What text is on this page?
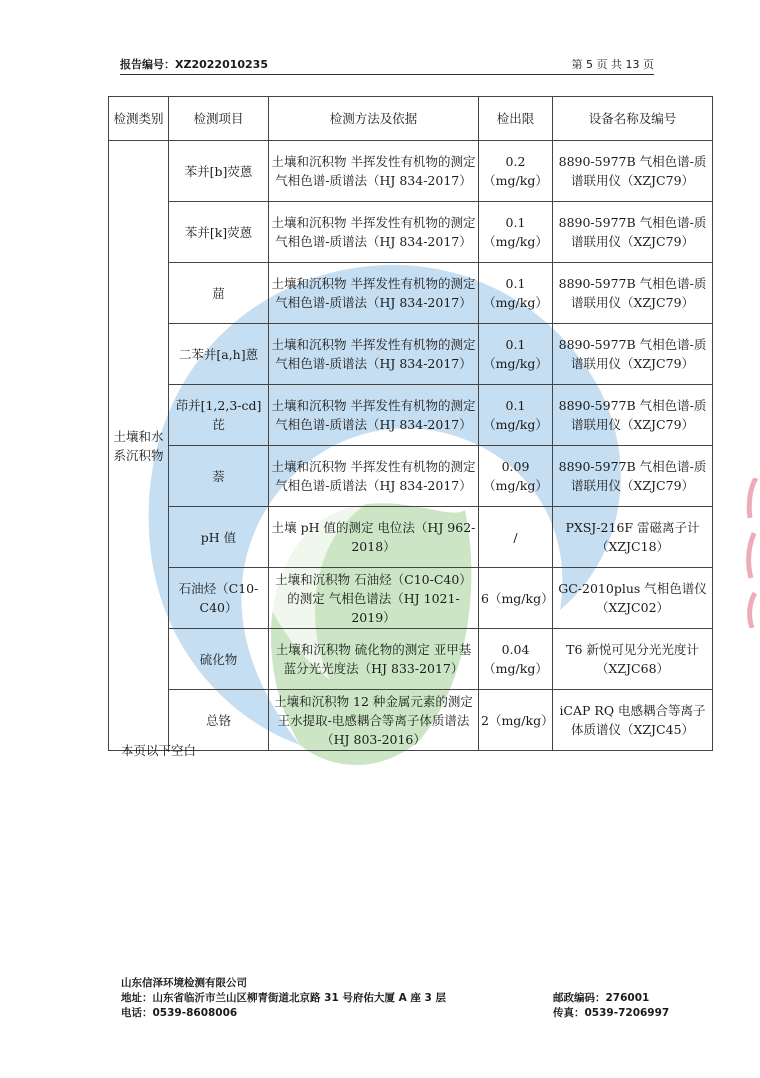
报告编号：XZ2022010235	第 5 页 共 13 页
检测类别	检测项目	检测方法及依据	检出限	设备名称及编号
土壤和水系沉积物	苯并[b]荧蒽	土壤和沉积物 半挥发性有机物的测定 气相色谱-质谱法（HJ 834-2017）	0.2（mg/kg）	8890-5977B 气相色谱-质谱联用仪（XZJC79）
	苯并[k]荧蒽	土壤和沉积物 半挥发性有机物的测定 气相色谱-质谱法（HJ 834-2017）	0.1（mg/kg）	8890-5977B 气相色谱-质谱联用仪（XZJC79）
	䓛	土壤和沉积物 半挥发性有机物的测定 气相色谱-质谱法（HJ 834-2017）	0.1（mg/kg）	8890-5977B 气相色谱-质谱联用仪（XZJC79）
	二苯并[a,h]蒽	土壤和沉积物 半挥发性有机物的测定 气相色谱-质谱法（HJ 834-2017）	0.1（mg/kg）	8890-5977B 气相色谱-质谱联用仪（XZJC79）
	茚并[1,2,3-cd]芘	土壤和沉积物 半挥发性有机物的测定 气相色谱-质谱法（HJ 834-2017）	0.1（mg/kg）	8890-5977B 气相色谱-质谱联用仪（XZJC79）
	萘	土壤和沉积物 半挥发性有机物的测定 气相色谱-质谱法（HJ 834-2017）	0.09（mg/kg）	8890-5977B 气相色谱-质谱联用仪（XZJC79）
	pH 值	土壤 pH 值的测定 电位法（HJ 962-2018）	/	PXSJ-216F 雷磁离子计（XZJC18）
	石油烃（C10-C40）	土壤和沉积物 石油烃（C10-C40）的测定 气相色谱法（HJ 1021-2019）	6（mg/kg）	GC-2010plus 气相色谱仪（XZJC02）
	硫化物	土壤和沉积物 硫化物的测定 亚甲基蓝分光光度法（HJ 833-2017）	0.04（mg/kg）	T6 新悦可见分光光度计（XZJC68）
	总铬	土壤和沉积物 12 种金属元素的测定 王水提取-电感耦合等离子体质谱法（HJ 803-2016）	2（mg/kg）	iCAP RQ 电感耦合等离子体质谱仪（XZJC45）
本页以下空白
山东信泽环境检测有限公司
地址：山东省临沂市兰山区柳青街道北京路 31 号府佑大厦 A 座 3 层	邮政编码：276001
电话：0539-8608006	传真：0539-7206997
